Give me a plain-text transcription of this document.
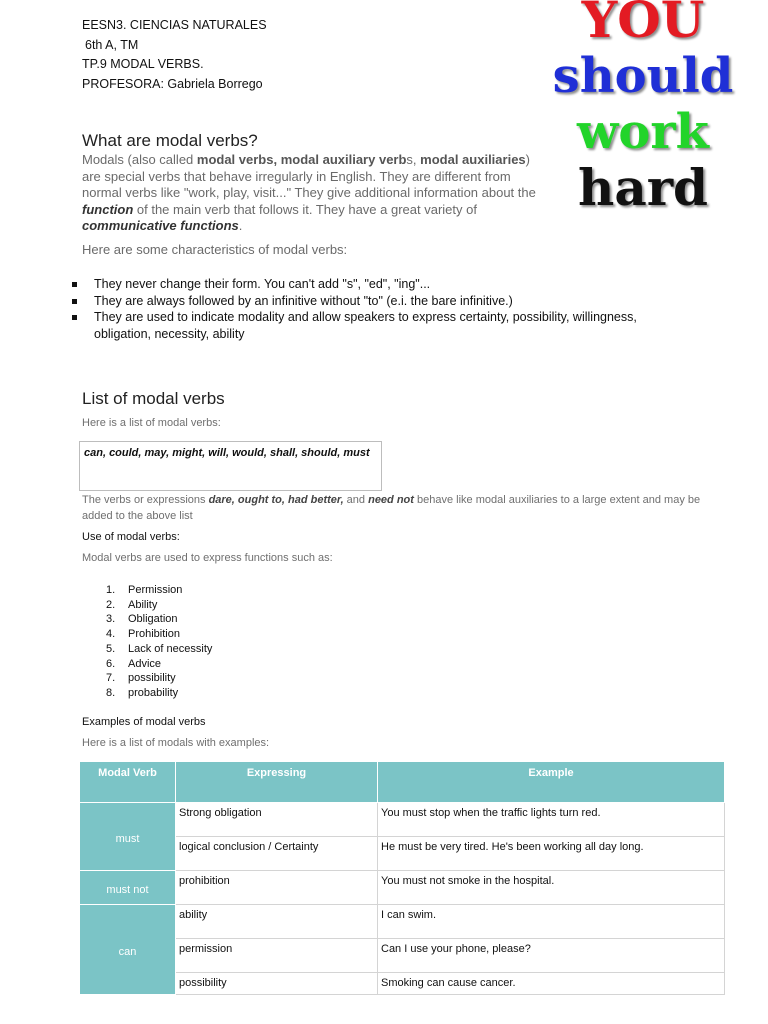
EESN3. CIENCIAS NATURALES
6th A, TM
TP.9 MODAL VERBS.
PROFESORA: Gabriela Borrego
YOU
should
work
hard
What are modal verbs?
Modals (also called modal verbs, modal auxiliary verbs, modal auxiliaries) are special verbs that behave irregularly in English. They are different from normal verbs like "work, play, visit..." They give additional information about the function of the main verb that follows it. They have a great variety of communicative functions.
Here are some characteristics of modal verbs:
They never change their form. You can't add "s", "ed", "ing"...
They are always followed by an infinitive without "to" (e.i. the bare infinitive.)
They are used to indicate modality and allow speakers to express certainty, possibility, willingness, obligation, necessity, ability
List of modal verbs
Here is a list of modal verbs:
can, could, may, might, will, would, shall, should, must
The verbs or expressions dare, ought to, had better, and need not behave like modal auxiliaries to a large extent and may be added to the above list
Use of modal verbs:
Modal verbs are used to express functions such as:
1. Permission
2. Ability
3. Obligation
4. Prohibition
5. Lack of necessity
6. Advice
7. possibility
8. probability
Examples of modal verbs
Here is a list of modals with examples:
Modal Verb	Expressing	Example
must	Strong obligation	You must stop when the traffic lights turn red.
	logical conclusion / Certainty	He must be very tired. He's been working all day long.
must not	prohibition	You must not smoke in the hospital.
can	ability	I can swim.
	permission	Can I use your phone, please?
	possibility	Smoking can cause cancer.
